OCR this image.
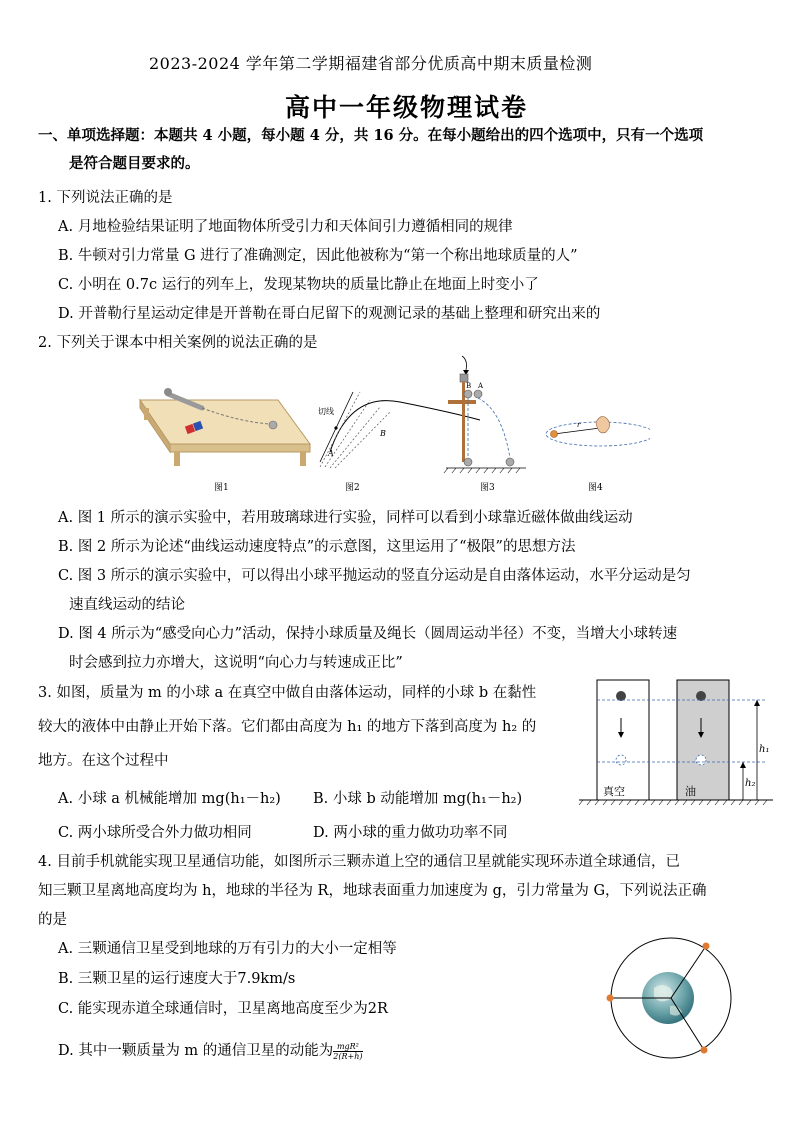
2023-2024 学年第二学期福建省部分优质高中期末质量检测
高中一年级物理试卷
一、单项选择题：本题共 4 小题，每小题 4 分，共 16 分。在每小题给出的四个选项中，只有一个选项
是符合题目要求的。
1. 下列说法正确的是
A. 月地检验结果证明了地面物体所受引力和天体间引力遵循相同的规律
B. 牛顿对引力常量 G 进行了准确测定，因此他被称为“第一个称出地球质量的人”
C. 小明在 0.7c 运行的列车上，发现某物块的质量比静止在地面上时变小了
D. 开普勒行星运动定律是开普勒在哥白尼留下的观测记录的基础上整理和研究出来的
2. 下列关于课本中相关案例的说法正确的是
图1
切线
A
B
图2
B A
图3
r
图4
A. 图 1 所示的演示实验中，若用玻璃球进行实验，同样可以看到小球靠近磁体做曲线运动
B. 图 2 所示为论述“曲线运动速度特点”的示意图，这里运用了“极限”的思想方法
C. 图 3 所示的演示实验中，可以得出小球平抛运动的竖直分运动是自由落体运动，水平分运动是匀
速直线运动的结论
D. 图 4 所示为“感受向心力”活动，保持小球质量及绳长（圆周运动半径）不变，当增大小球转速
时会感到拉力亦增大，这说明“向心力与转速成正比”
3. 如图，质量为 m 的小球 a 在真空中做自由落体运动，同样的小球 b 在黏性
较大的液体中由静止开始下落。它们都由高度为 h₁ 的地方下落到高度为 h₂ 的
地方。在这个过程中
A. 小球 a 机械能增加 mg(h₁－h₂) B. 小球 b 动能增加 mg(h₁－h₂)
C. 两小球所受合外力做功相同	D. 两小球的重力做功功率不同
h₁
h₂
真空	油
4. 目前手机就能实现卫星通信功能，如图所示三颗赤道上空的通信卫星就能实现环赤道全球通信，已
知三颗卫星离地高度均为 h，地球的半径为 R，地球表面重力加速度为 g，引力常量为 G，下列说法正确
的是
A. 三颗通信卫星受到地球的万有引力的大小一定相等
B. 三颗卫星的运行速度大于7.9km/s
C. 能实现赤道全球通信时，卫星离地高度至少为2R
D. 其中一颗质量为 m 的通信卫星的动能为 $\frac{\text{mgR²}}{2(R+h)}$
